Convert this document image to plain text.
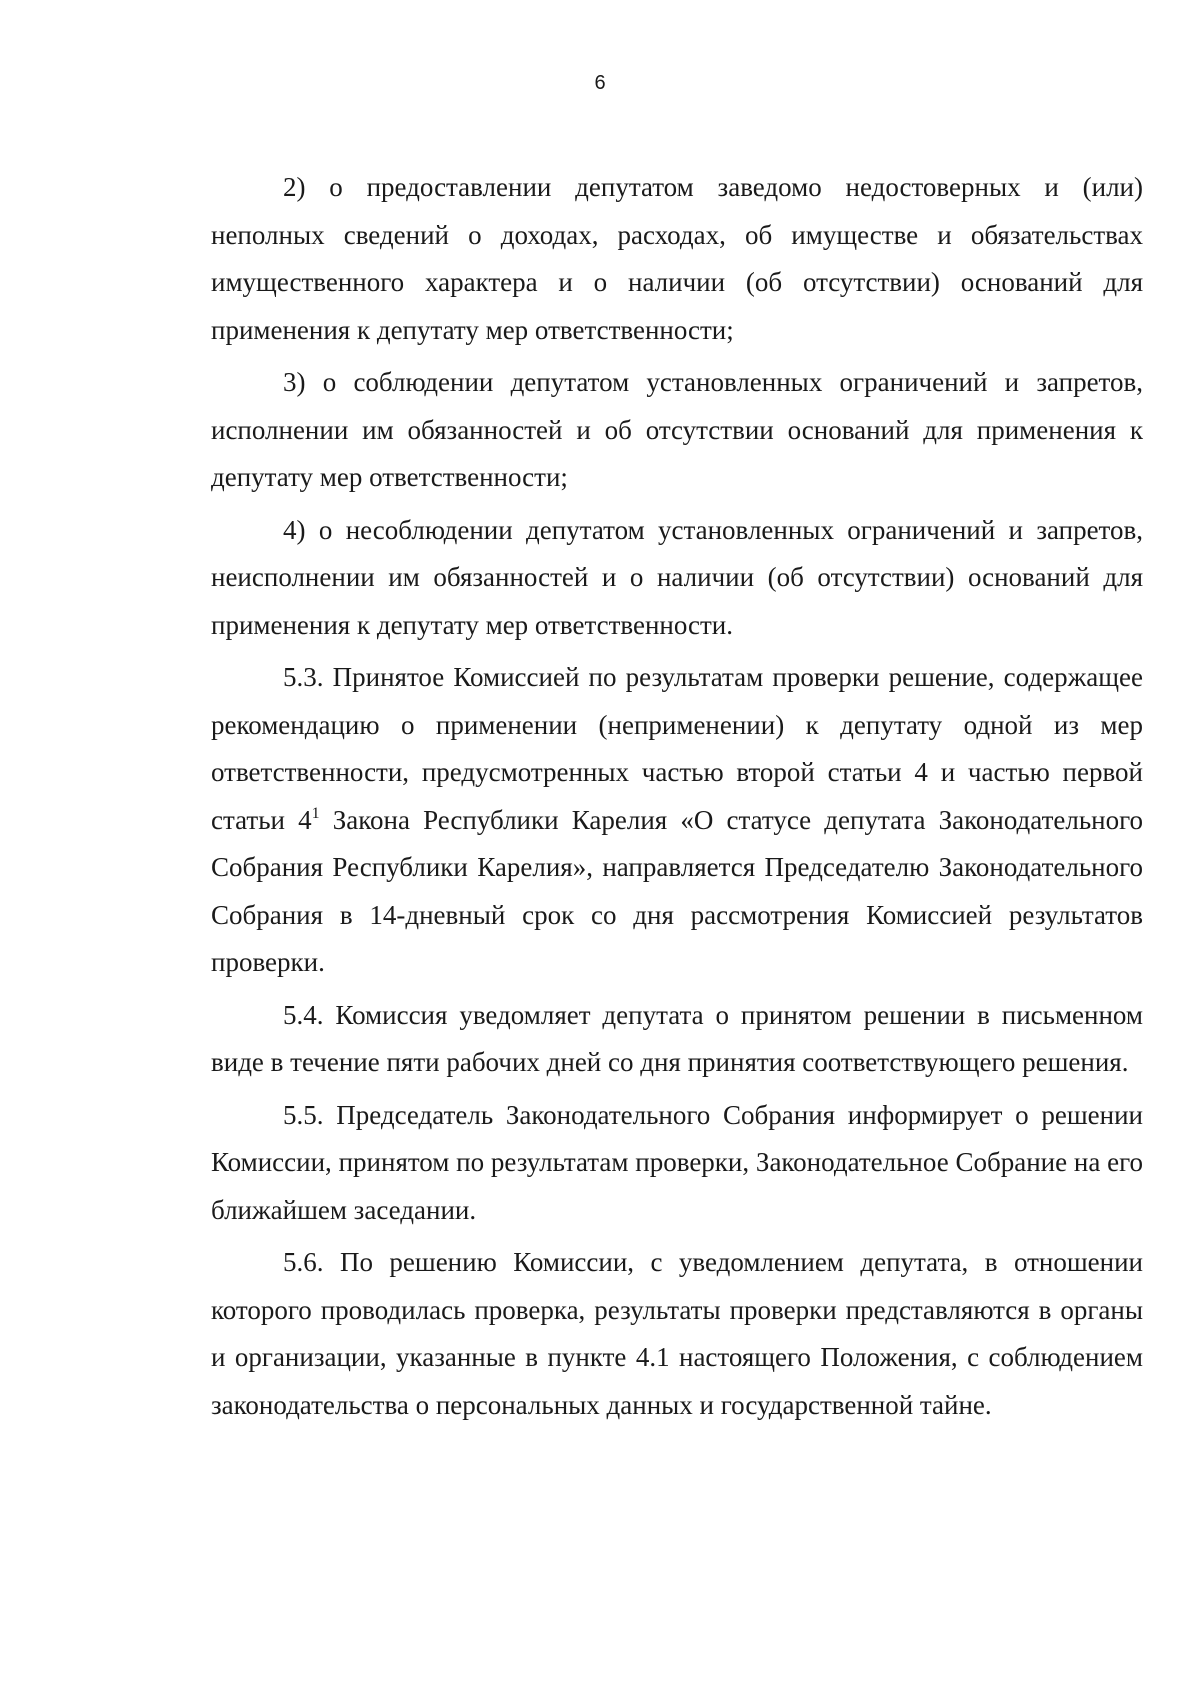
6

2) о предоставлении депутатом заведомо недостоверных и (или) неполных сведений о доходах, расходах, об имуществе и обязательствах имущественного характера и о наличии (об отсутствии) оснований для применения к депутату мер ответственности;

3) о соблюдении депутатом установленных ограничений и запретов, исполнении им обязанностей и об отсутствии оснований для применения к депутату мер ответственности;

4) о несоблюдении депутатом установленных ограничений и запретов, неисполнении им обязанностей и о наличии (об отсутствии) оснований для применения к депутату мер ответственности.

5.3. Принятое Комиссией по результатам проверки решение, содержащее рекомендацию о применении (неприменении) к депутату одной из мер ответственности, предусмотренных частью второй статьи 4 и частью первой статьи $4^1$ Закона Республики Карелия «О статусе депутата Законодательного Собрания Республики Карелия», направляется Председателю Законодательного Собрания в 14-дневный срок со дня рассмотрения Комиссией результатов проверки.

5.4. Комиссия уведомляет депутата о принятом решении в письменном виде в течение пяти рабочих дней со дня принятия соответствующего решения.

5.5. Председатель Законодательного Собрания информирует о решении Комиссии, принятом по результатам проверки, Законодательное Собрание на его ближайшем заседании.

5.6. По решению Комиссии, с уведомлением депутата, в отношении которого проводилась проверка, результаты проверки представляются в органы и организации, указанные в пункте 4.1 настоящего Положения, с соблюдением законодательства о персональных данных и государственной тайне.
